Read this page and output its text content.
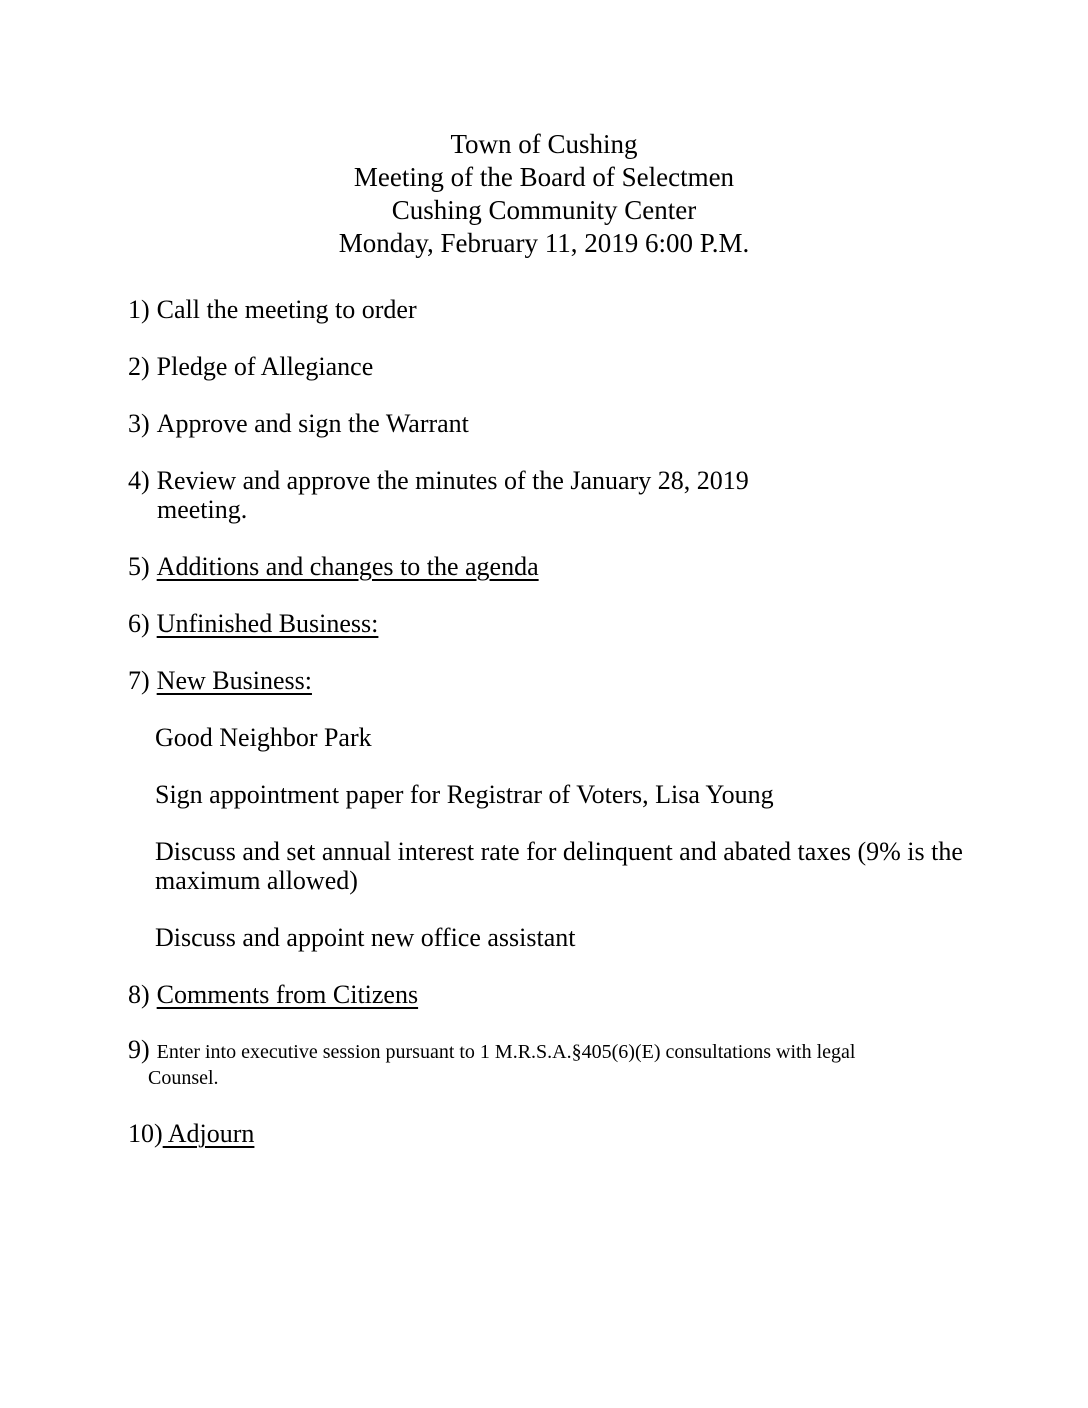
Town of Cushing
Meeting of the Board of Selectmen
Cushing Community Center
Monday, February 11, 2019 6:00 P.M.

1) Call the meeting to order

2) Pledge of Allegiance

3) Approve and sign the Warrant

4) Review and approve the minutes of the January 28, 2019
meeting.

5) Additions and changes to the agenda

6) Unfinished Business:

7) New Business:

Good Neighbor Park

Sign appointment paper for Registrar of Voters, Lisa Young

Discuss and set annual interest rate for delinquent and abated taxes (9% is the
maximum allowed)

Discuss and appoint new office assistant

8) Comments from Citizens

9) Enter into executive session pursuant to 1 M.R.S.A.§405(6)(E) consultations with legal
Counsel.

10) Adjourn
